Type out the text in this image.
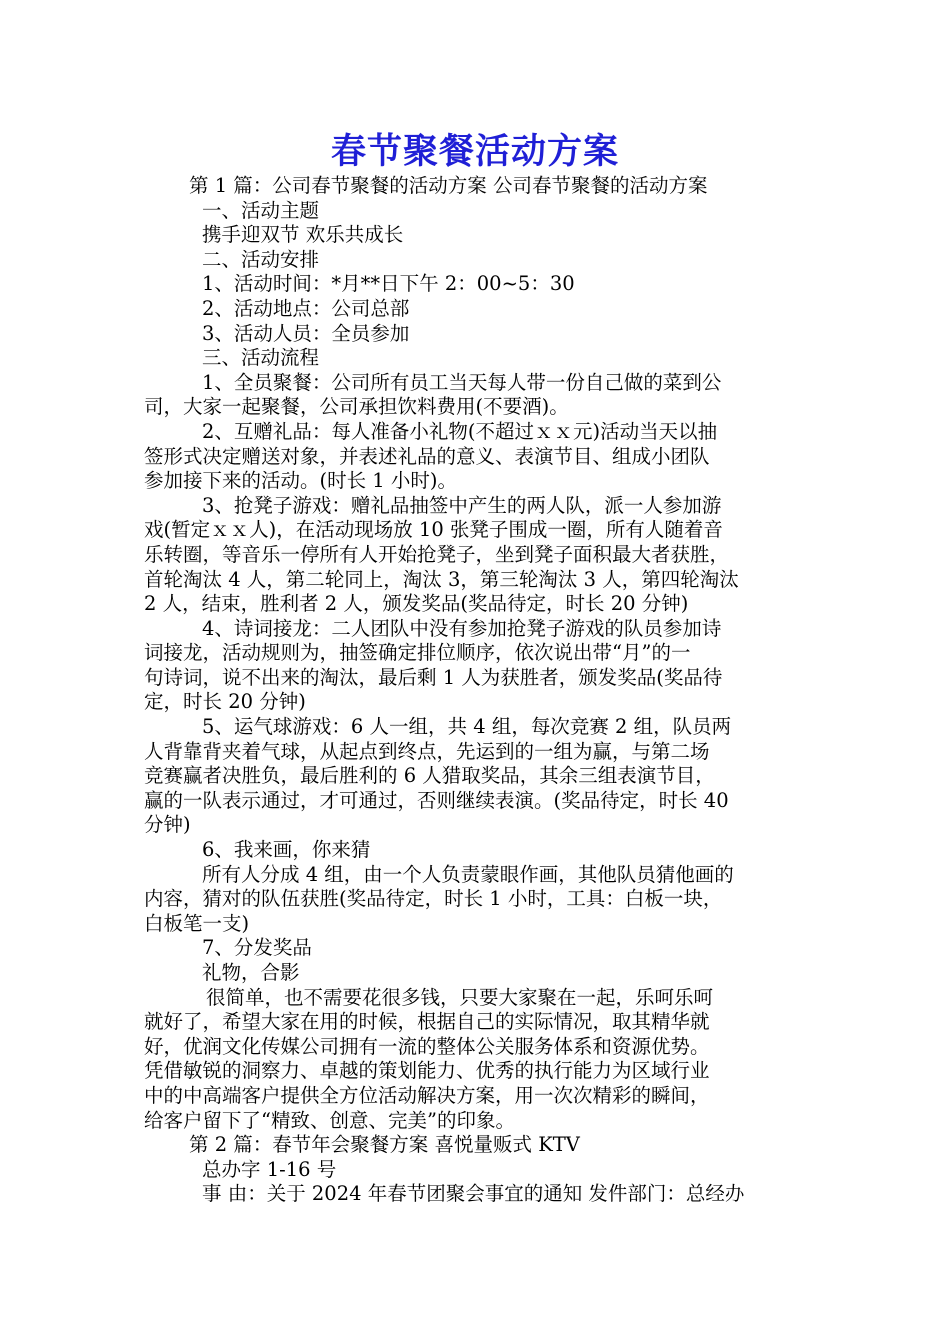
春节聚餐活动方案

第 1 篇：公司春节聚餐的活动方案 公司春节聚餐的活动方案

一、活动主题

携手迎双节 欢乐共成长

二、活动安排

1、活动时间：*月**日下午 2：00~5：30

2、活动地点：公司总部

3、活动人员：全员参加

三、活动流程

1、全员聚餐：公司所有员工当天每人带一份自己做的菜到公

司，大家一起聚餐，公司承担饮料费用(不要酒)。

2、互赠礼品：每人准备小礼物(不超过ｘｘ元)活动当天以抽

签形式决定赠送对象，并表述礼品的意义、表演节目、组成小团队

参加接下来的活动。(时长 1 小时)。

3、抢凳子游戏：赠礼品抽签中产生的两人队，派一人参加游

戏(暂定ｘｘ人)，在活动现场放 10 张凳子围成一圈，所有人随着音

乐转圈，等音乐一停所有人开始抢凳子，坐到凳子面积最大者获胜，

首轮淘汰 4 人，第二轮同上，淘汰 3，第三轮淘汰 3 人，第四轮淘汰

2 人，结束，胜利者 2 人，颁发奖品(奖品待定，时长 20 分钟)

4、诗词接龙：二人团队中没有参加抢凳子游戏的队员参加诗

词接龙，活动规则为，抽签确定排位顺序，依次说出带“月”的一

句诗词，说不出来的淘汰，最后剩 1 人为获胜者，颁发奖品(奖品待

定，时长 20 分钟)

5、运气球游戏：6 人一组，共 4 组，每次竞赛 2 组，队员两

人背靠背夹着气球，从起点到终点，先运到的一组为赢，与第二场

竞赛赢者决胜负，最后胜利的 6 人猎取奖品，其余三组表演节目，

赢的一队表示通过，才可通过，否则继续表演。(奖品待定，时长 40

分钟)

6、我来画，你来猜

所有人分成 4 组，由一个人负责蒙眼作画，其他队员猜他画的

内容，猜对的队伍获胜(奖品待定，时长 1 小时，工具：白板一块，

白板笔一支)

7、分发奖品

礼物，合影

很简单，也不需要花很多钱，只要大家聚在一起，乐呵乐呵

就好了，希望大家在用的时候，根据自己的实际情况，取其精华就

好，优润文化传媒公司拥有一流的整体公关服务体系和资源优势。

凭借敏锐的洞察力、卓越的策划能力、优秀的执行能力为区域行业

中的中高端客户提供全方位活动解决方案，用一次次精彩的瞬间，

给客户留下了“精致、创意、完美”的印象。

第 2 篇：春节年会聚餐方案 喜悦量贩式 KTV

总办字 1-16 号

事 由：关于 2024 年春节团聚会事宜的通知 发件部门：总经办
